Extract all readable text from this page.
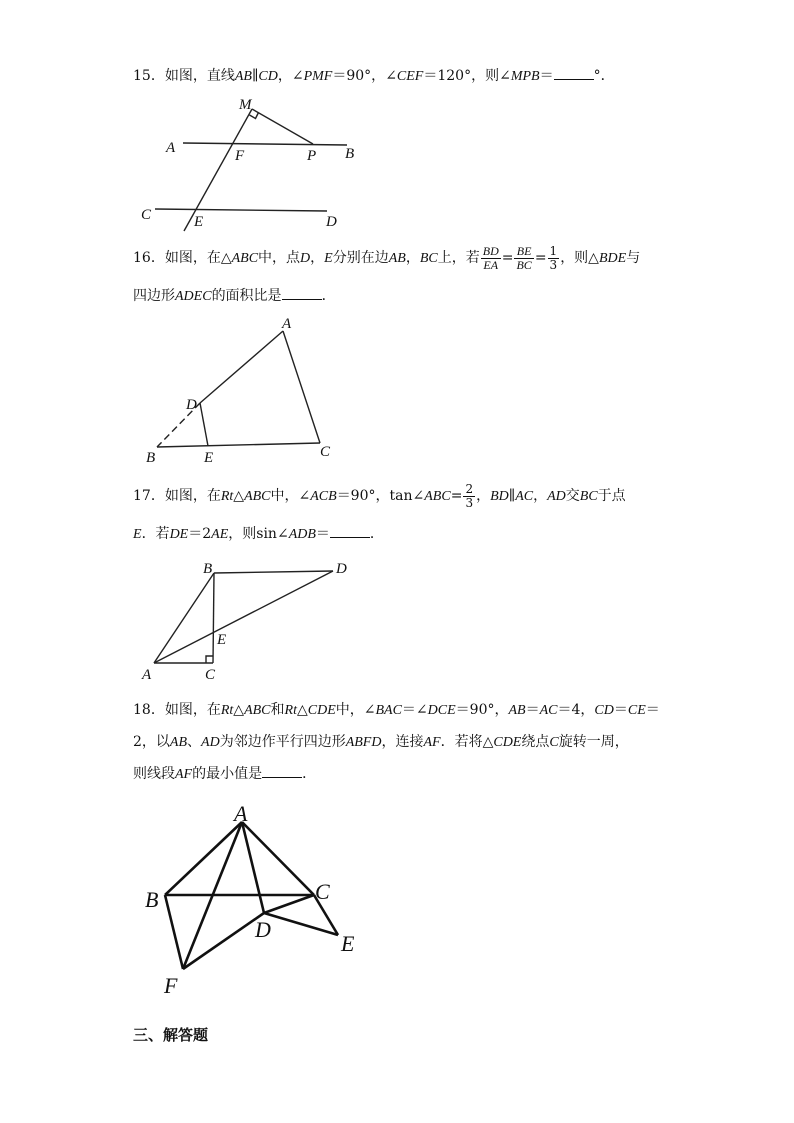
15．如图，直线AB∥CD，∠PMF＝90°，∠CEF＝120°，则∠MPB＝	°．
M
A	F	P B
C	E	D
16．如图，在△ABC中，点D，E分别在边AB，BC上，若 $\frac{BD}{EA} = \frac{BE}{BC} = \frac{1}{3}$ ，则△BDE与
四边形ADEC的面积比是	．
A
D
B	E	C
17．如图，在Rt△ABC中，∠ACB＝90°，tan∠ABC= $\frac{2}{3}$ ，BD∥AC，AD交BC于点
E．若DE＝2AE，则sin∠ADB＝	．
B	D
E
A	C
18．如图，在Rt△ABC和Rt△CDE中，∠BAC＝∠DCE＝90°，AB＝AC＝4，CD＝CE＝
2，以AB、AD为邻边作平行四边形ABFD，连接AF．若将△CDE绕点C旋转一周，
则线段AF的最小值是	．
A
B	C
D
E
F
三、解答题
